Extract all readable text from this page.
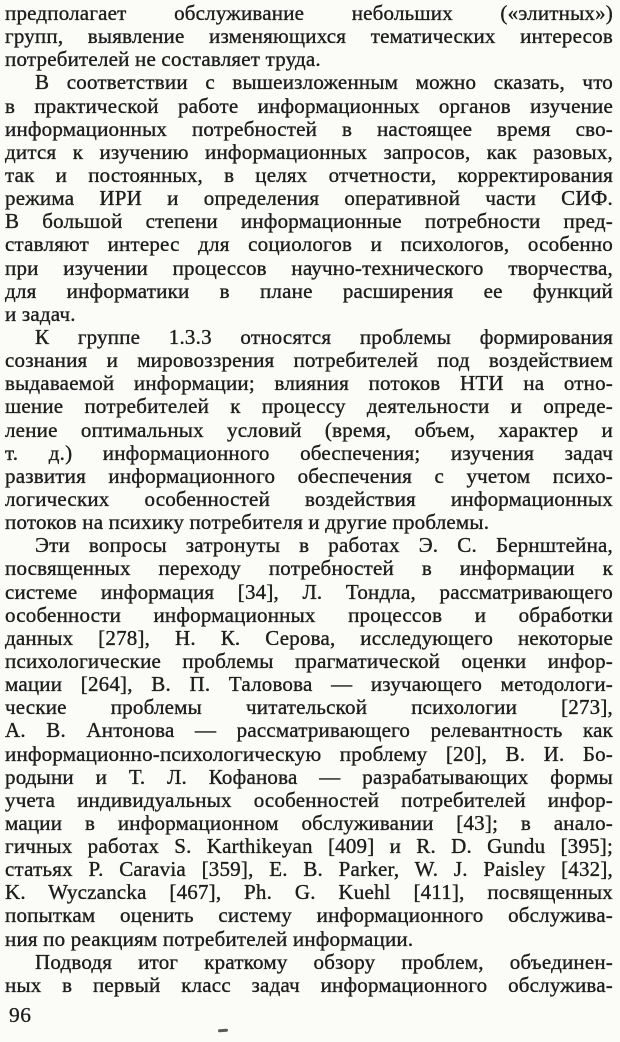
предполагает обслуживание небольших («элитных»)
групп, выявление изменяющихся тематических интересов
потребителей не составляет труда.
В соответствии с вышеизложенным можно сказать, что
в практической работе информационных органов изучение
информационных потребностей в настоящее время сво-
дится к изучению информационных запросов, как разовых,
так и постоянных, в целях отчетности, корректирования
режима ИРИ и определения оперативной части СИФ.
В большой степени информационные потребности пред-
ставляют интерес для социологов и психологов, особенно
при изучении процессов научно-технического творчества,
для информатики в плане расширения ее функций
и задач.
К группе 1.3.3 относятся проблемы формирования
сознания и мировоззрения потребителей под воздействием
выдаваемой информации; влияния потоков НТИ на отно-
шение потребителей к процессу деятельности и опреде-
ление оптимальных условий (время, объем, характер и
т. д.) информационного обеспечения; изучения задач
развития информационного обеспечения с учетом психо-
логических особенностей воздействия информационных
потоков на психику потребителя и другие проблемы.
Эти вопросы затронуты в работах Э. С. Бернштейна,
посвященных переходу потребностей в информации к
системе информация [34], Л. Тондла, рассматривающего
особенности информационных процессов и обработки
данных [278], Н. К. Серова, исследующего некоторые
психологические проблемы прагматической оценки инфор-
мации [264], В. П. Таловова — изучающего методологи-
ческие проблемы читательской психологии [273],
А. В. Антонова — рассматривающего релевантность как
информационно-психологическую проблему [20], В. И. Бо-
родыни и Т. Л. Кофанова — разрабатывающих формы
учета индивидуальных особенностей потребителей инфор-
мации в информационном обслуживании [43]; в анало-
гичных работах S. Karthikeyan [409] и R. D. Gundu [395];
статьях P. Caravia [359], E. B. Parker, W. J. Paisley [432],
K. Wyczancka [467], Ph. G. Kuehl [411], посвященных
попыткам оценить систему информационного обслужива-
ния по реакциям потребителей информации.
Подводя итог краткому обзору проблем, объединен-
ных в первый класс задач информационного обслужива-
96
